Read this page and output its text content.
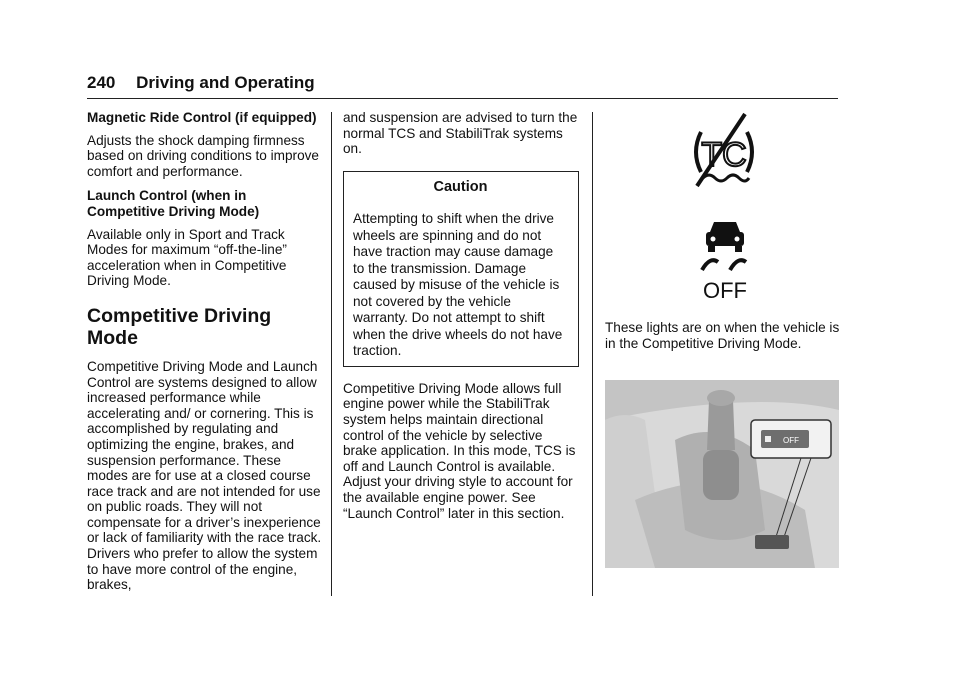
240 Driving and Operating
Magnetic Ride Control (if equipped)

Adjusts the shock damping firmness based on driving conditions to improve comfort and performance.

Launch Control (when in Competitive Driving Mode)

Available only in Sport and Track Modes for maximum “off-the-line” acceleration when in Competitive Driving Mode.

Competitive Driving Mode

Competitive Driving Mode and Launch Control are systems designed to allow increased performance while accelerating and/ or cornering. This is accomplished by regulating and optimizing the engine, brakes, and suspension performance. These modes are for use at a closed course race track and are not intended for use on public roads. They will not compensate for a driver’s inexperience or lack of familiarity with the race track. Drivers who prefer to allow the system to have more control of the engine, brakes,

and suspension are advised to turn the normal TCS and StabiliTrak systems on.

Caution
Attempting to shift when the drive wheels are spinning and do not have traction may cause damage to the transmission. Damage caused by misuse of the vehicle is not covered by the vehicle warranty. Do not attempt to shift when the drive wheels do not have traction.

Competitive Driving Mode allows full engine power while the StabiliTrak system helps maintain directional control of the vehicle by selective brake application. In this mode, TCS is off and Launch Control is available. Adjust your driving style to account for the available engine power. See “Launch Control” later in this section.

TC
OFF

These lights are on when the vehicle is in the Competitive Driving Mode.

OFF
